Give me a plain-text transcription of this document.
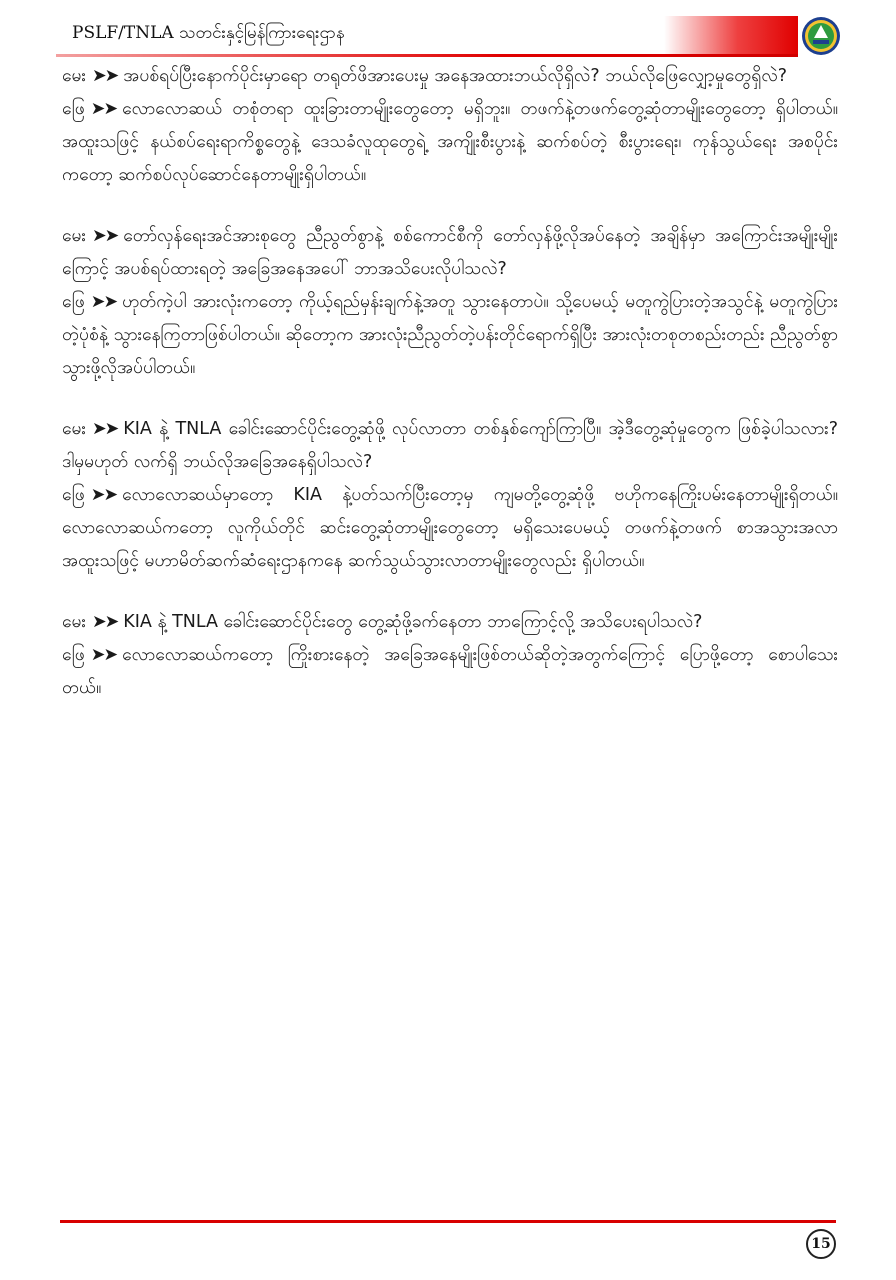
PSLF/TNLA သတင်းနှင့်မြန်ကြားရေးဌာန

မေး ➤➤ အပစ်ရပ်ပြီးနောက်ပိုင်းမှာရော တရုတ်ဖိအားပေးမှု အနေအထားဘယ်လိုရှိလဲ? ဘယ်လိုဖြေလျှော့မှုတွေရှိလဲ?

ဖြေ ➤➤ လောလောဆယ် တစုံတရာ ထူးခြားတာမျိုးတွေတော့ မရှိဘူး။ တဖက်နဲ့တဖက်တွေ့ဆုံတာမျိုးတွေတော့ ရှိပါတယ်။ အထူးသဖြင့် နယ်စပ်ရေးရာကိစ္စတွေနဲ့ ဒေသခံလူထုတွေရဲ့ အကျိုးစီးပွားနဲ့ ဆက်စပ်တဲ့ စီးပွားရေး၊ ကုန်သွယ်ရေး အစပိုင်းကတော့ ဆက်စပ်လုပ်ဆောင်နေတာမျိုးရှိပါတယ်။

မေး ➤➤ တော်လှန်ရေးအင်အားစုတွေ ညီညွတ်စွာနဲ့ စစ်ကောင်စီကို တော်လှန်ဖို့လိုအပ်နေတဲ့ အချိန်မှာ အကြောင်းအမျိုးမျိုးကြောင့် အပစ်ရပ်ထားရတဲ့ အခြေအနေအပေါ် ဘာအသိပေးလိုပါသလဲ?

ဖြေ ➤➤ ဟုတ်ကဲ့ပါ အားလုံးကတော့ ကိုယ့်ရည်မှန်းချက်နဲ့အတူ သွားနေတာပဲ။ သို့ပေမယ့် မတူကွဲပြားတဲ့အသွင်နဲ့ မတူကွဲပြားတဲ့ပုံစံနဲ့ သွားနေကြတာဖြစ်ပါတယ်။ ဆိုတော့က အားလုံးညီညွတ်တဲ့ပန်းတိုင်ရောက်ရှိပြီး အားလုံးတစုတစည်းတည်း ညီညွတ်စွာ သွားဖို့လိုအပ်ပါတယ်။

မေး ➤➤ KIA နဲ့ TNLA ခေါင်းဆောင်ပိုင်းတွေ့ဆုံဖို့ လုပ်လာတာ တစ်နှစ်ကျော်ကြာပြီ။ အဲ့ဒီတွေ့ဆုံမှုတွေက ဖြစ်ခဲ့ပါသလား? ဒါမှမဟုတ် လက်ရှိ ဘယ်လိုအခြေအနေရှိပါသလဲ?

ဖြေ ➤➤ လောလောဆယ်မှာတော့ KIA နဲ့ပတ်သက်ပြီးတော့မှ ကျမတို့တွေ့ဆုံဖို့ ဗဟိုကနေကြိုးပမ်းနေတာမျိုးရှိတယ်။ လောလောဆယ်ကတော့ လူကိုယ်တိုင် ဆင်းတွေ့ဆုံတာမျိုးတွေတော့ မရှိသေးပေမယ့် တဖက်နဲ့တဖက် စာအသွားအလာ အထူးသဖြင့် မဟာမိတ်ဆက်ဆံရေးဌာနကနေ ဆက်သွယ်သွားလာတာမျိုးတွေလည်း ရှိပါတယ်။

မေး ➤➤ KIA နဲ့ TNLA ခေါင်းဆောင်ပိုင်းတွေ တွေ့ဆုံဖို့ခက်နေတာ ဘာကြောင့်လို့ အသိပေးရပါသလဲ?

ဖြေ ➤➤ လောလောဆယ်ကတော့ ကြိုးစားနေတဲ့ အခြေအနေမျိုးဖြစ်တယ်ဆိုတဲ့အတွက်ကြောင့် ပြောဖို့တော့ စောပါသေးတယ်။

15
